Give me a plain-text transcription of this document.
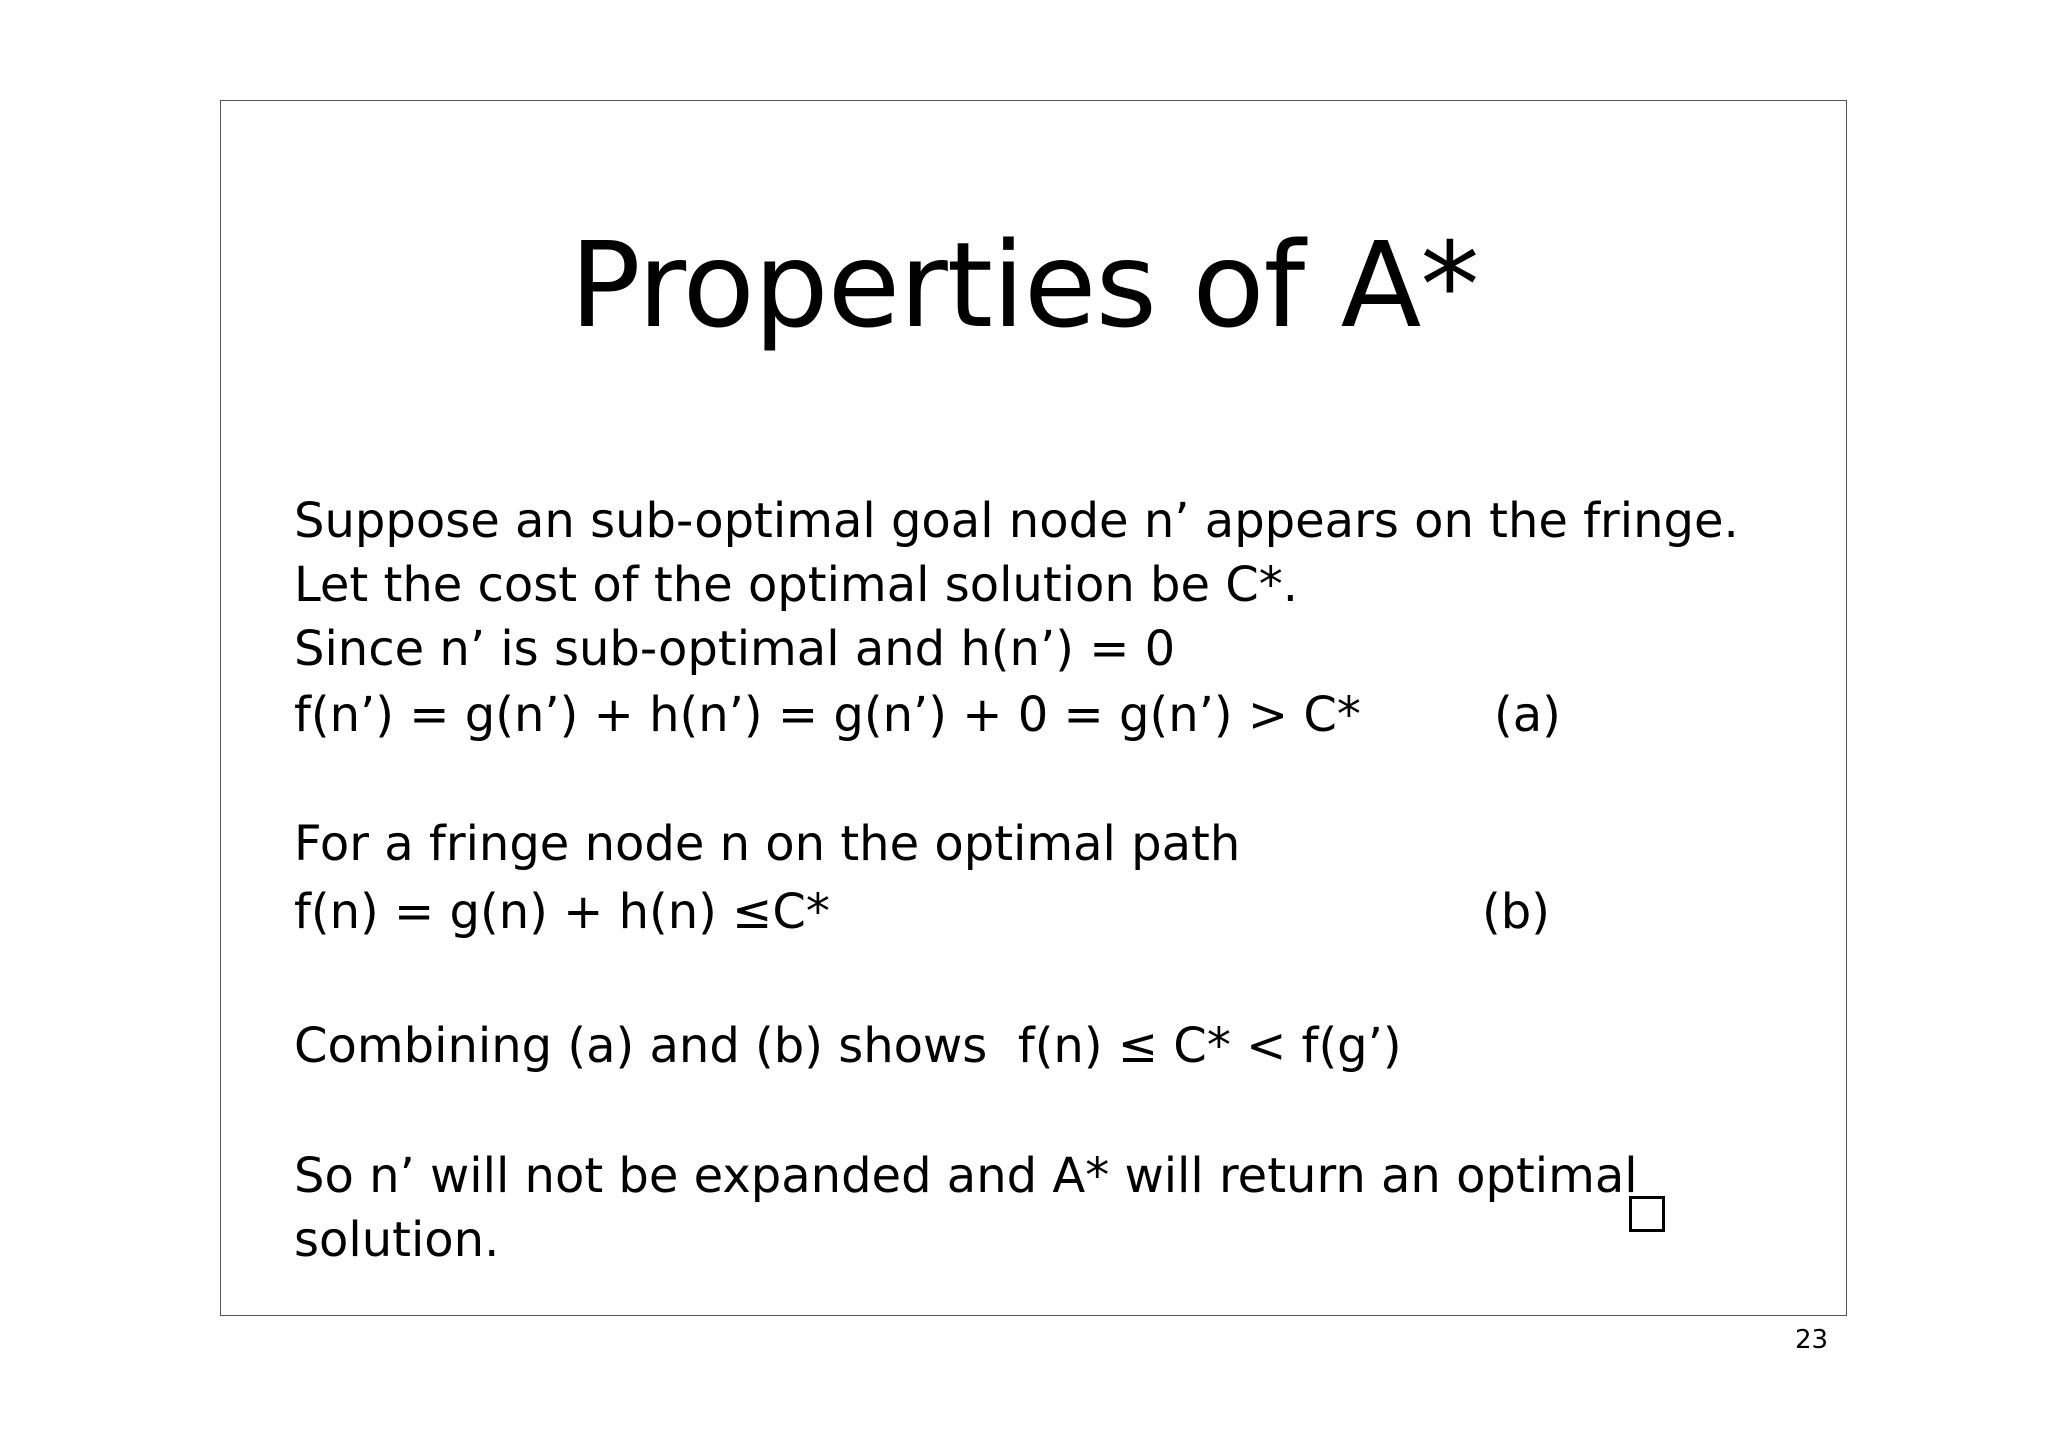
Properties of A*
Suppose an sub-optimal goal node n’ appears on the fringe.
Let the cost of the optimal solution be C*.
Since n’ is sub-optimal and h(n’) = 0
f(n’) = g(n’) + h(n’) = g(n’) + 0 = g(n’) > C*	(a)
For a fringe node n on the optimal path
f(n) = g(n) + h(n) ≤C*	(b)
Combining (a) and (b) shows  f(n) ≤ C* < f(g’)
So n’ will not be expanded and A* will return an optimal
solution.
23
